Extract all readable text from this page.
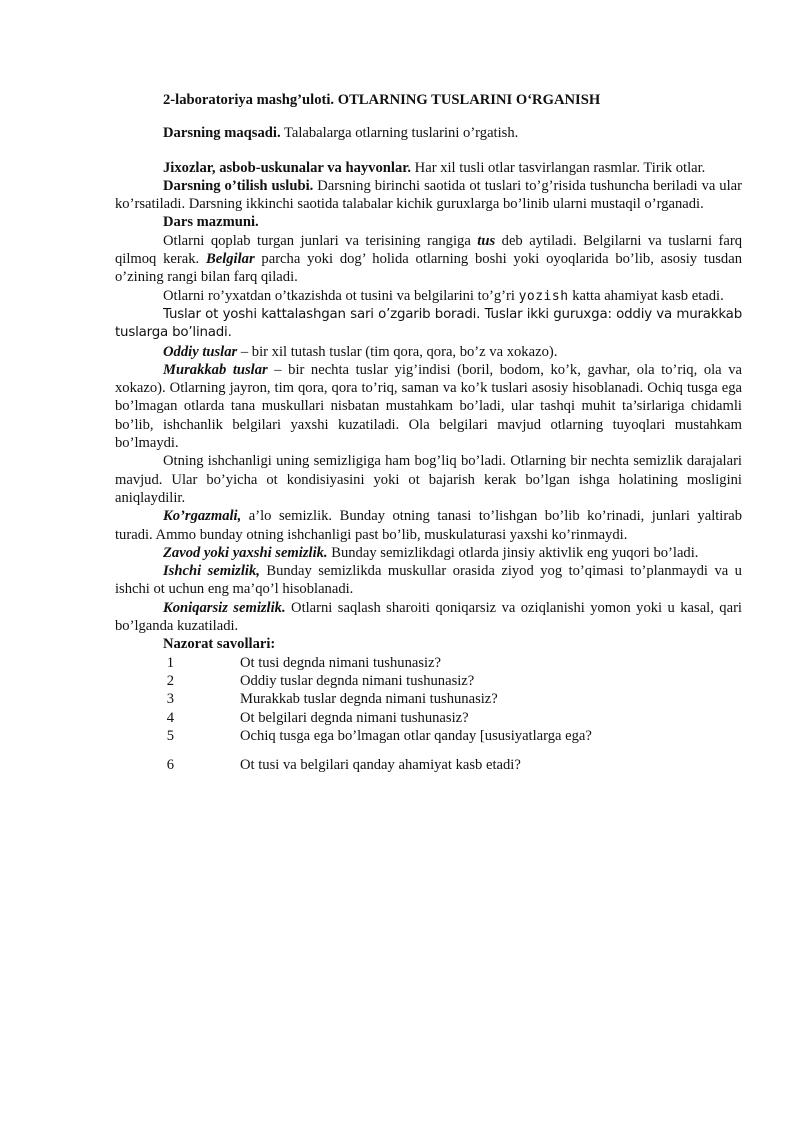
2-laboratoriya mashg’uloti. OTLARNING TUSLARINI O‘RGANISH

Darsning maqsadi. Talabalarga otlarning tuslarini o’rgatish.

Jixozlar, asbob-uskunalar va hayvonlar. Har xil tusli otlar tasvirlangan rasmlar. Tirik otlar.

Darsning o’tilish uslubi. Darsning birinchi saotida ot tuslari to’g’risida tushuncha beriladi va ular ko’rsatiladi. Darsning ikkinchi saotida talabalar kichik guruxlarga bo’linib ularni mustaqil o’rganadi.

Dars mazmuni.

Otlarni qoplab turgan junlari va terisining rangiga tus deb aytiladi. Belgilarni va tuslarni farq qilmoq kerak. Belgilar parcha yoki dog’ holida otlarning boshi yoki oyoqlarida bo’lib, asosiy tusdan o’zining rangi bilan farq qiladi.

Otlarni ro’yxatdan o’tkazishda ot tusini va belgilarini to’g’ri yozish katta ahamiyat kasb etadi.

Tuslar ot yoshi kattalashgan sari o’zgarib boradi. Tuslar ikki guruxga: oddiy va murakkab tuslarga bo’linadi.

Oddiy tuslar – bir xil tutash tuslar (tim qora, qora, bo’z va xokazo).

Murakkab tuslar – bir nechta tuslar yig’indisi (boril, bodom, ko’k, gavhar, ola to’riq, ola va xokazo). Otlarning jayron, tim qora, qora to’riq, saman va ko’k tuslari asosiy hisoblanadi. Ochiq tusga ega bo’lmagan otlarda tana muskullari nisbatan mustahkam bo’ladi, ular tashqi muhit ta’sirlariga chidamli bo’lib, ishchanlik belgilari yaxshi kuzatiladi. Ola belgilari mavjud otlarning tuyoqlari mustahkam bo’lmaydi.

Otning ishchanligi uning semizligiga ham bog’liq bo’ladi. Otlarning bir nechta semizlik darajalari mavjud. Ular bo’yicha ot kondisiyasini yoki ot bajarish kerak bo’lgan ishga holatining mosligini aniqlaydilir.

Ko’rgazmali, a’lo semizlik. Bunday otning tanasi to’lishgan bo’lib ko’rinadi, junlari yaltirab turadi. Ammo bunday otning ishchanligi past bo’lib, muskulaturasi yaxshi ko’rinmaydi.

Zavod yoki yaxshi semizlik. Bunday semizlikdagi otlarda jinsiy aktivlik eng yuqori bo’ladi.

Ishchi semizlik, Bunday semizlikda muskullar orasida ziyod yog to’qimasi to’planmaydi va u ishchi ot uchun eng ma’qo’l hisoblanadi.

Koniqarsiz semizlik. Otlarni saqlash sharoiti qoniqarsiz va oziqlanishi yomon yoki u kasal, qari bo’lganda kuzatiladi.

Nazorat savollari:
1	Ot tusi degnda nimani tushunasiz?
2	Oddiy tuslar degnda nimani tushunasiz?
3	Murakkab tuslar degnda nimani tushunasiz?
4	Ot belgilari degnda nimani tushunasiz?
5	Ochiq tusga ega bo’lmagan otlar qanday [ususiyatlarga ega?
6	Ot tusi va belgilari qanday ahamiyat kasb etadi?
